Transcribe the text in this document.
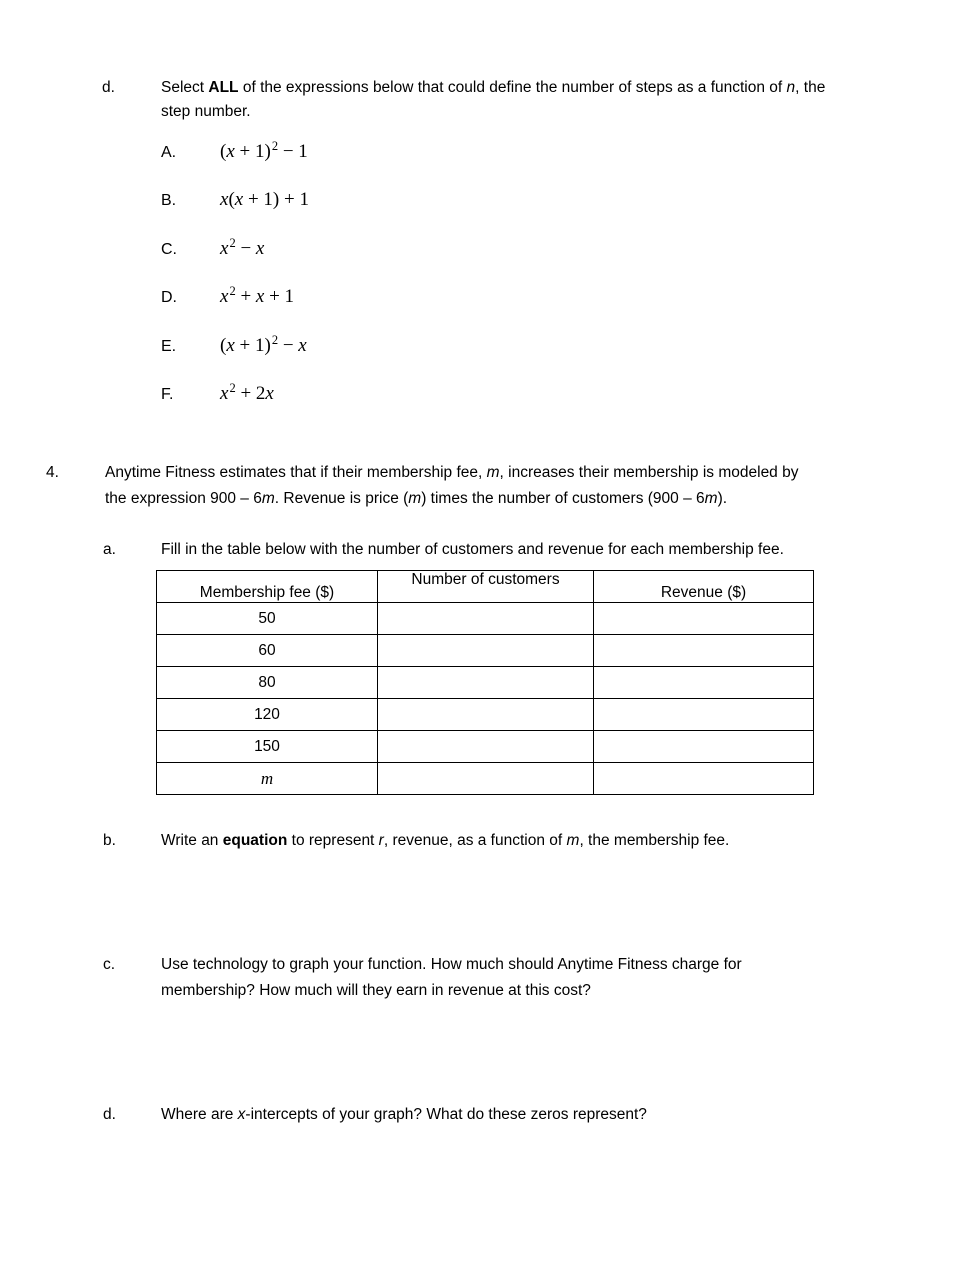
d.	Select ALL of the expressions below that could define the number of steps as a function of n, the
step number.
A.	$(x + 1)^2 - 1$
B.	x(x + 1) + 1
C.	$x^2 - x$
D.	$x^2 + x + 1$
E.	$(x + 1)^2 - x$
F.	$x^2 + 2x$
4.	Anytime Fitness estimates that if their membership fee, m, increases their membership is modeled by
the expression 900 – 6m. Revenue is price (m) times the number of customers (900 – 6m).
a.	Fill in the table below with the number of customers and revenue for each membership fee.
Membership fee ($)	Number of customers	Revenue ($)
50		
60		
80		
120		
150		
m		
b.	Write an equation to represent r, revenue, as a function of m, the membership fee.
c.	Use technology to graph your function. How much should Anytime Fitness charge for
membership? How much will they earn in revenue at this cost?
d.	Where are x-intercepts of your graph? What do these zeros represent?
